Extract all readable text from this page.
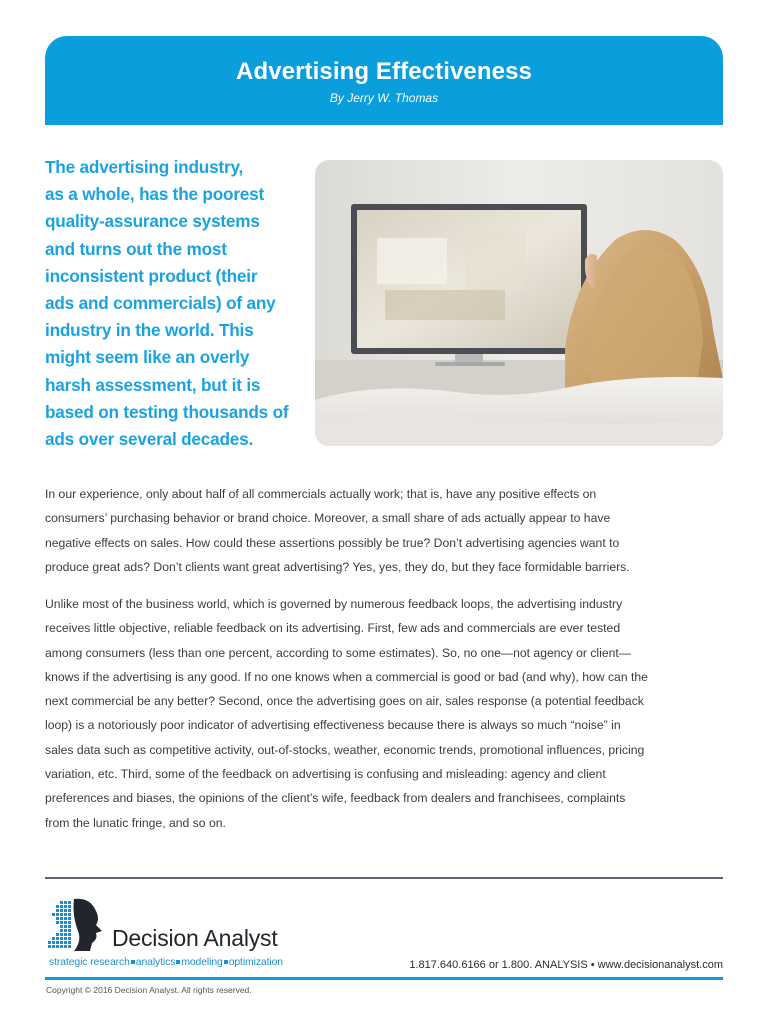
Advertising Effectiveness
By Jerry W. Thomas
The advertising industry,
as a whole, has the poorest
quality-assurance systems
and turns out the most
inconsistent product (their
ads and commercials) of any
industry in the world. This
might seem like an overly
harsh assessment, but it is
based on testing thousands of
ads over several decades.
In our experience, only about half of all commercials actually work; that is, have any positive effects on
consumers’ purchasing behavior or brand choice. Moreover, a small share of ads actually appear to have
negative effects on sales. How could these assertions possibly be true? Don’t advertising agencies want to
produce great ads? Don’t clients want great advertising? Yes, yes, they do, but they face formidable barriers.
Unlike most of the business world, which is governed by numerous feedback loops, the advertising industry
receives little objective, reliable feedback on its advertising. First, few ads and commercials are ever tested
among consumers (less than one percent, according to some estimates). So, no one—not agency or client—
knows if the advertising is any good. If no one knows when a commercial is good or bad (and why), how can the
next commercial be any better? Second, once the advertising goes on air, sales response (a potential feedback
loop) is a notoriously poor indicator of advertising effectiveness because there is always so much “noise” in
sales data such as competitive activity, out-of-stocks, weather, economic trends, promotional influences, pricing
variation, etc. Third, some of the feedback on advertising is confusing and misleading: agency and client
preferences and biases, the opinions of the client’s wife, feedback from dealers and franchisees, complaints
from the lunatic fringe, and so on.
Decision Analyst
strategic research analytics modeling optimization	1.817.640.6166 or 1.800. ANALYSIS • www.decisionanalyst.com
Copyright © 2016 Decision Analyst. All rights reserved.
